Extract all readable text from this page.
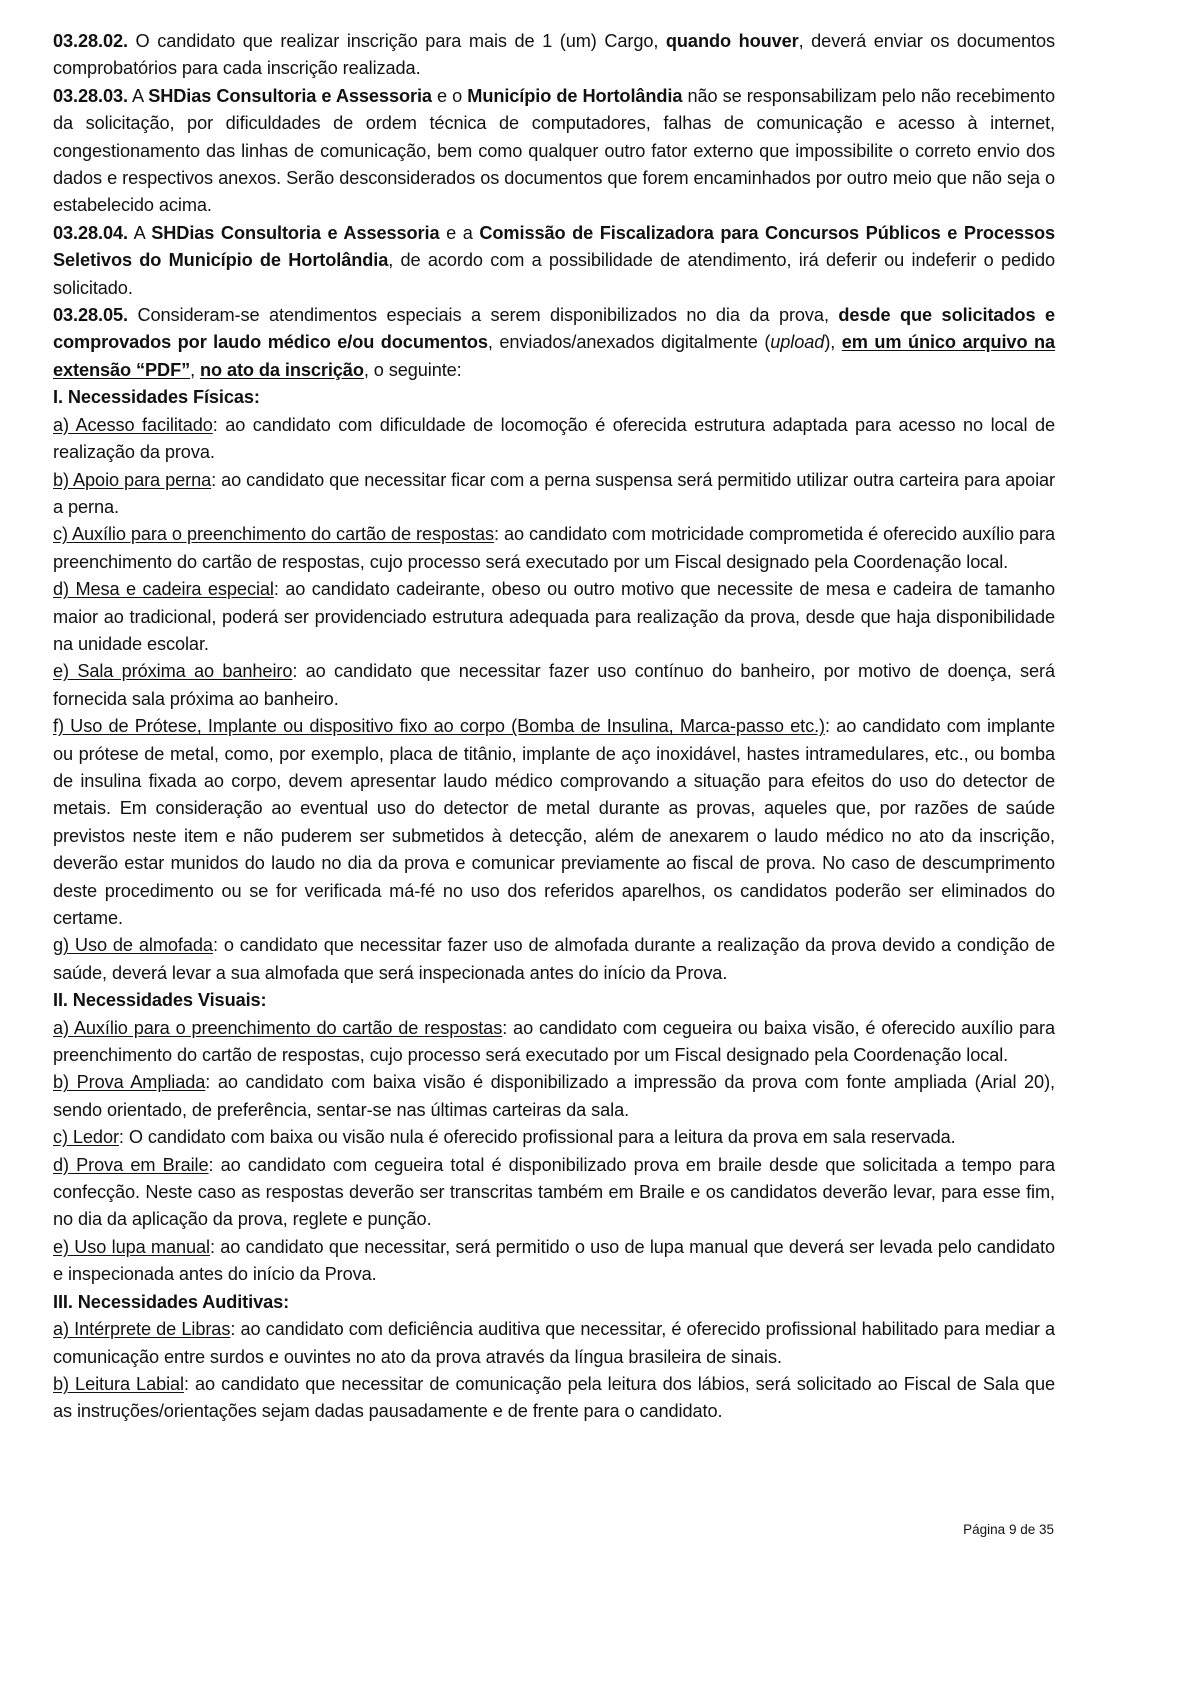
03.28.02. O candidato que realizar inscrição para mais de 1 (um) Cargo, quando houver, deverá enviar os documentos comprobatórios para cada inscrição realizada.

03.28.03. A SHDias Consultoria e Assessoria e o Município de Hortolândia não se responsabilizam pelo não recebimento da solicitação, por dificuldades de ordem técnica de computadores, falhas de comunicação e acesso à internet, congestionamento das linhas de comunicação, bem como qualquer outro fator externo que impossibilite o correto envio dos dados e respectivos anexos. Serão desconsiderados os documentos que forem encaminhados por outro meio que não seja o estabelecido acima.

03.28.04. A SHDias Consultoria e Assessoria e a Comissão de Fiscalizadora para Concursos Públicos e Processos Seletivos do Município de Hortolândia, de acordo com a possibilidade de atendimento, irá deferir ou indeferir o pedido solicitado.

03.28.05. Consideram-se atendimentos especiais a serem disponibilizados no dia da prova, desde que solicitados e comprovados por laudo médico e/ou documentos, enviados/anexados digitalmente (upload), em um único arquivo na extensão “PDF”, no ato da inscrição, o seguinte:

I. Necessidades Físicas:

a) Acesso facilitado: ao candidato com dificuldade de locomoção é oferecida estrutura adaptada para acesso no local de realização da prova.

b) Apoio para perna: ao candidato que necessitar ficar com a perna suspensa será permitido utilizar outra carteira para apoiar a perna.

c) Auxílio para o preenchimento do cartão de respostas: ao candidato com motricidade comprometida é oferecido auxílio para preenchimento do cartão de respostas, cujo processo será executado por um Fiscal designado pela Coordenação local.

d) Mesa e cadeira especial: ao candidato cadeirante, obeso ou outro motivo que necessite de mesa e cadeira de tamanho maior ao tradicional, poderá ser providenciado estrutura adequada para realização da prova, desde que haja disponibilidade na unidade escolar.

e) Sala próxima ao banheiro: ao candidato que necessitar fazer uso contínuo do banheiro, por motivo de doença, será fornecida sala próxima ao banheiro.

f) Uso de Prótese, Implante ou dispositivo fixo ao corpo (Bomba de Insulina, Marca-passo etc.): ao candidato com implante ou prótese de metal, como, por exemplo, placa de titânio, implante de aço inoxidável, hastes intramedulares, etc., ou bomba de insulina fixada ao corpo, devem apresentar laudo médico comprovando a situação para efeitos do uso do detector de metais. Em consideração ao eventual uso do detector de metal durante as provas, aqueles que, por razões de saúde previstos neste item e não puderem ser submetidos à detecção, além de anexarem o laudo médico no ato da inscrição, deverão estar munidos do laudo no dia da prova e comunicar previamente ao fiscal de prova. No caso de descumprimento deste procedimento ou se for verificada má-fé no uso dos referidos aparelhos, os candidatos poderão ser eliminados do certame.

g) Uso de almofada: o candidato que necessitar fazer uso de almofada durante a realização da prova devido a condição de saúde, deverá levar a sua almofada que será inspecionada antes do início da Prova.

II. Necessidades Visuais:

a) Auxílio para o preenchimento do cartão de respostas: ao candidato com cegueira ou baixa visão, é oferecido auxílio para preenchimento do cartão de respostas, cujo processo será executado por um Fiscal designado pela Coordenação local.

b) Prova Ampliada: ao candidato com baixa visão é disponibilizado a impressão da prova com fonte ampliada (Arial 20), sendo orientado, de preferência, sentar-se nas últimas carteiras da sala.

c) Ledor: O candidato com baixa ou visão nula é oferecido profissional para a leitura da prova em sala reservada.

d) Prova em Braile: ao candidato com cegueira total é disponibilizado prova em braile desde que solicitada a tempo para confecção. Neste caso as respostas deverão ser transcritas também em Braile e os candidatos deverão levar, para esse fim, no dia da aplicação da prova, reglete e punção.

e) Uso lupa manual: ao candidato que necessitar, será permitido o uso de lupa manual que deverá ser levada pelo candidato e inspecionada antes do início da Prova.

III. Necessidades Auditivas:

a) Intérprete de Libras: ao candidato com deficiência auditiva que necessitar, é oferecido profissional habilitado para mediar a comunicação entre surdos e ouvintes no ato da prova através da língua brasileira de sinais.

b) Leitura Labial: ao candidato que necessitar de comunicação pela leitura dos lábios, será solicitado ao Fiscal de Sala que as instruções/orientações sejam dadas pausadamente e de frente para o candidato.

Página 9 de 35
